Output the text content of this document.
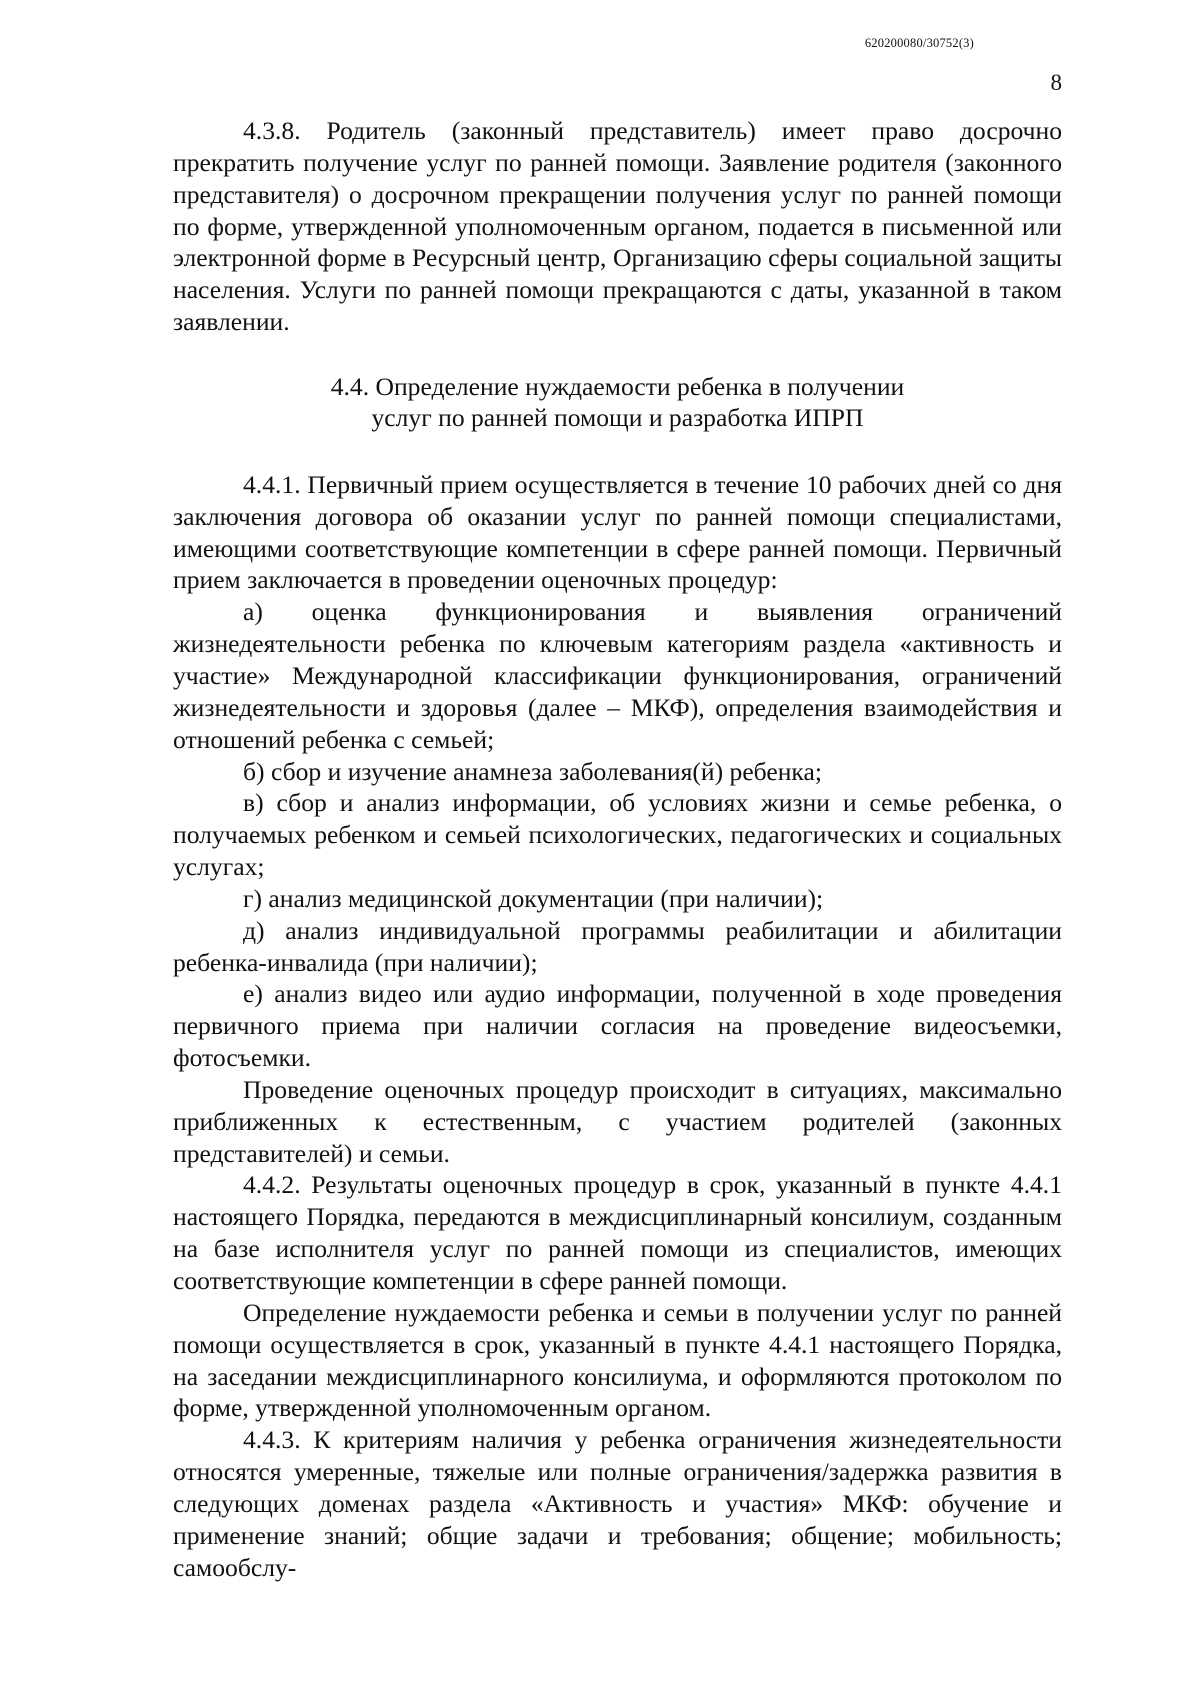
620200080/30752(3)
8

4.3.8. Родитель (законный представитель) имеет право досрочно прекратить получение услуг по ранней помощи. Заявление родителя (законного представителя) о досрочном прекращении получения услуг по ранней помощи по форме, утвержденной уполномоченным органом, подается в письменной или электронной форме в Ресурсный центр, Организацию сферы социальной защиты населения. Услуги по ранней помощи прекращаются с даты, указанной в таком заявлении.

4.4. Определение нуждаемости ребенка в получении
услуг по ранней помощи и разработка ИПРП

4.4.1. Первичный прием осуществляется в течение 10 рабочих дней со дня заключения договора об оказании услуг по ранней помощи специалистами, имеющими соответствующие компетенции в сфере ранней помощи. Первичный прием заключается в проведении оценочных процедур:

а) оценка функционирования и выявления ограничений жизнедеятельности ребенка по ключевым категориям раздела «активность и участие» Международной классификации функционирования, ограничений жизнедеятельности и здоровья (далее – МКФ), определения взаимодействия и отношений ребенка с семьей;

б) сбор и изучение анамнеза заболевания(й) ребенка;

в) сбор и анализ информации, об условиях жизни и семье ребенка, о получаемых ребенком и семьей психологических, педагогических и социальных услугах;

г) анализ медицинской документации (при наличии);

д) анализ индивидуальной программы реабилитации и абилитации ребенка-инвалида (при наличии);

е) анализ видео или аудио информации, полученной в ходе проведения первичного приема при наличии согласия на проведение видеосъемки, фотосъемки.

Проведение оценочных процедур происходит в ситуациях, максимально приближенных к естественным, с участием родителей (законных представителей) и семьи.

4.4.2. Результаты оценочных процедур в срок, указанный в пункте 4.4.1 настоящего Порядка, передаются в междисциплинарный консилиум, созданным на базе исполнителя услуг по ранней помощи из специалистов, имеющих соответствующие компетенции в сфере ранней помощи.

Определение нуждаемости ребенка и семьи в получении услуг по ранней помощи осуществляется в срок, указанный в пункте 4.4.1 настоящего Порядка, на заседании междисциплинарного консилиума, и оформляются протоколом по форме, утвержденной уполномоченным органом.

4.4.3. К критериям наличия у ребенка ограничения жизнедеятельности относятся умеренные, тяжелые или полные ограничения/задержка развития в следующих доменах раздела «Активность и участия» МКФ: обучение и применение знаний; общие задачи и требования; общение; мобильность; самообслу-
